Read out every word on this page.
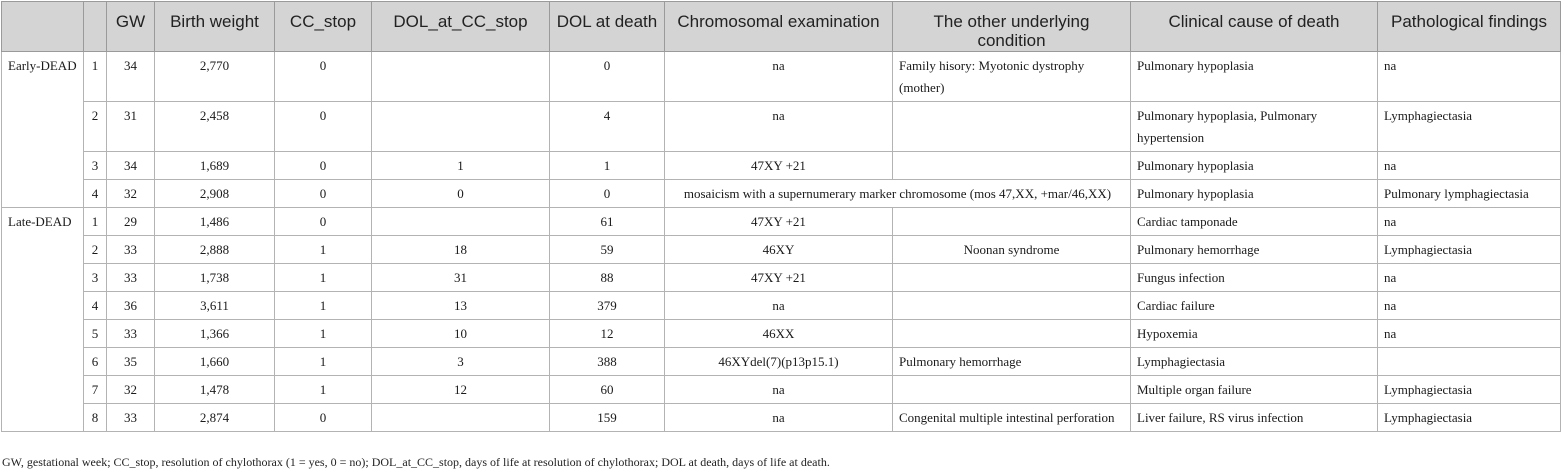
		GW	Birth weight	CC_stop	DOL_at_CC_stop	DOL at death	Chromosomal examination	The other underlying condition	Clinical cause of death	Pathological findings
Early-DEAD	1	34	2,770	0		0	na	Family hisory: Myotonic dystrophy (mother)	Pulmonary hypoplasia	na
	2	31	2,458	0		4	na		Pulmonary hypoplasia, Pulmonary hypertension	Lymphagiectasia
	3	34	1,689	0	1	1	47XY +21		Pulmonary hypoplasia	na
	4	32	2,908	0	0	0	mosaicism with a supernumerary marker chromosome (mos 47,XX, +mar/46,XX)		Pulmonary hypoplasia	Pulmonary lymphagiectasia
Late-DEAD	1	29	1,486	0		61	47XY +21		Cardiac tamponade	na
	2	33	2,888	1	18	59	46XY	Noonan syndrome	Pulmonary hemorrhage	Lymphagiectasia
	3	33	1,738	1	31	88	47XY +21		Fungus infection	na
	4	36	3,611	1	13	379	na		Cardiac failure	na
	5	33	1,366	1	10	12	46XX		Hypoxemia	na
	6	35	1,660	1	3	388	46XYdel(7)(p13p15.1)	Pulmonary hemorrhage	Lymphagiectasia	
	7	32	1,478	1	12	60	na		Multiple organ failure	Lymphagiectasia
	8	33	2,874	0		159	na	Congenital multiple intestinal perforation	Liver failure, RS virus infection	Lymphagiectasia
GW, gestational week; CC_stop, resolution of chylothorax (1 = yes, 0 = no); DOL_at_CC_stop, days of life at resolution of chylothorax; DOL at death, days of life at death.
